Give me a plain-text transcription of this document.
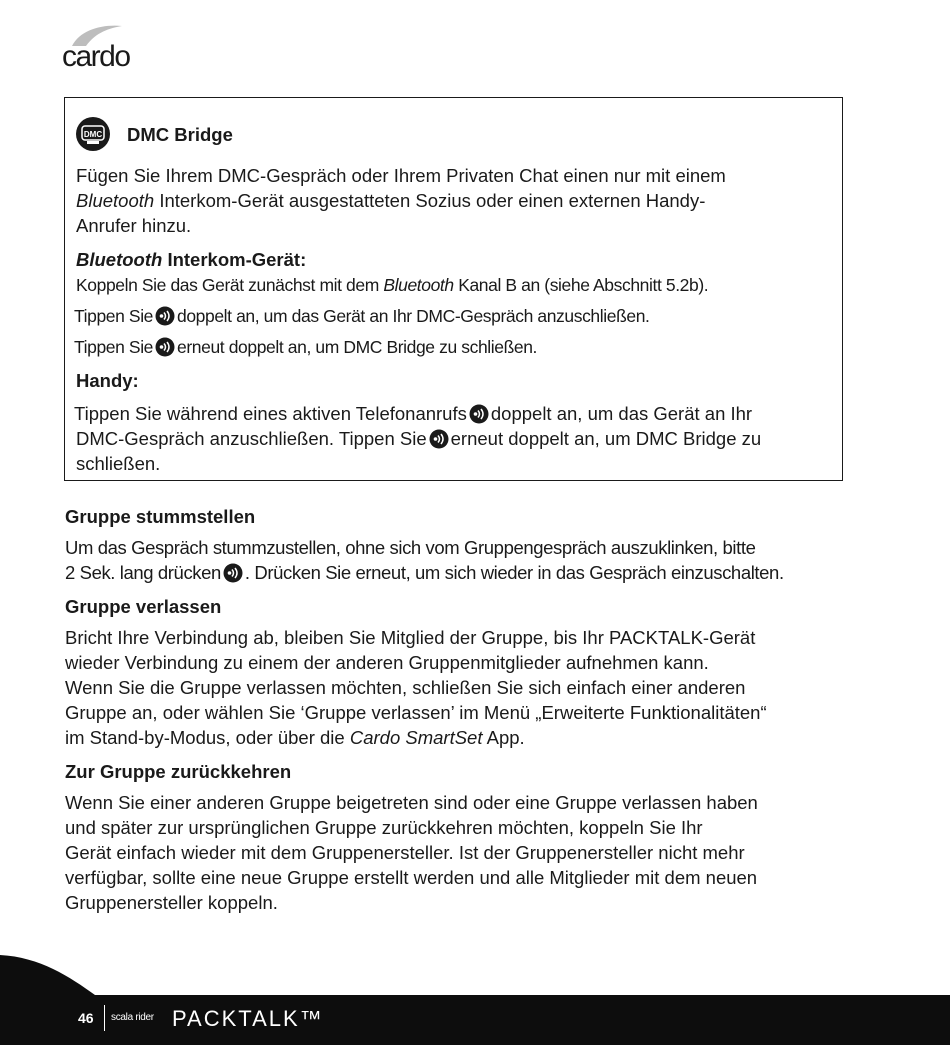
cardo
DMC DMC Bridge
Fügen Sie Ihrem DMC-Gespräch oder Ihrem Privaten Chat einen nur mit einem
Bluetooth Interkom-Gerät ausgestatteten Sozius oder einen externen Handy-
Anrufer hinzu.
Bluetooth Interkom-Gerät:
Koppeln Sie das Gerät zunächst mit dem Bluetooth Kanal B an (siehe Abschnitt 5.2b).
Tippen Sie doppelt an, um das Gerät an Ihr DMC-Gespräch anzuschließen.
Tippen Sie erneut doppelt an, um DMC Bridge zu schließen.
Handy:
Tippen Sie während eines aktiven Telefonanrufs doppelt an, um das Gerät an Ihr
DMC-Gespräch anzuschließen. Tippen Sie erneut doppelt an, um DMC Bridge zu
schließen.
Gruppe stummstellen
Um das Gespräch stummzustellen, ohne sich vom Gruppengespräch auszuklinken, bitte
2 Sek. lang drücken . Drücken Sie erneut, um sich wieder in das Gespräch einzuschalten.
Gruppe verlassen
Bricht Ihre Verbindung ab, bleiben Sie Mitglied der Gruppe, bis Ihr PACKTALK-Gerät
wieder Verbindung zu einem der anderen Gruppenmitglieder aufnehmen kann.
Wenn Sie die Gruppe verlassen möchten, schließen Sie sich einfach einer anderen
Gruppe an, oder wählen Sie ‘Gruppe verlassen’ im Menü „Erweiterte Funktionalitäten“
im Stand-by-Modus, oder über die Cardo SmartSet App.
Zur Gruppe zurückkehren
Wenn Sie einer anderen Gruppe beigetreten sind oder eine Gruppe verlassen haben
und später zur ursprünglichen Gruppe zurückkehren möchten, koppeln Sie Ihr
Gerät einfach wieder mit dem Gruppenersteller. Ist der Gruppenersteller nicht mehr
verfügbar, sollte eine neue Gruppe erstellt werden und alle Mitglieder mit dem neuen
Gruppenersteller koppeln.
46 scala rider PACKTALK™
